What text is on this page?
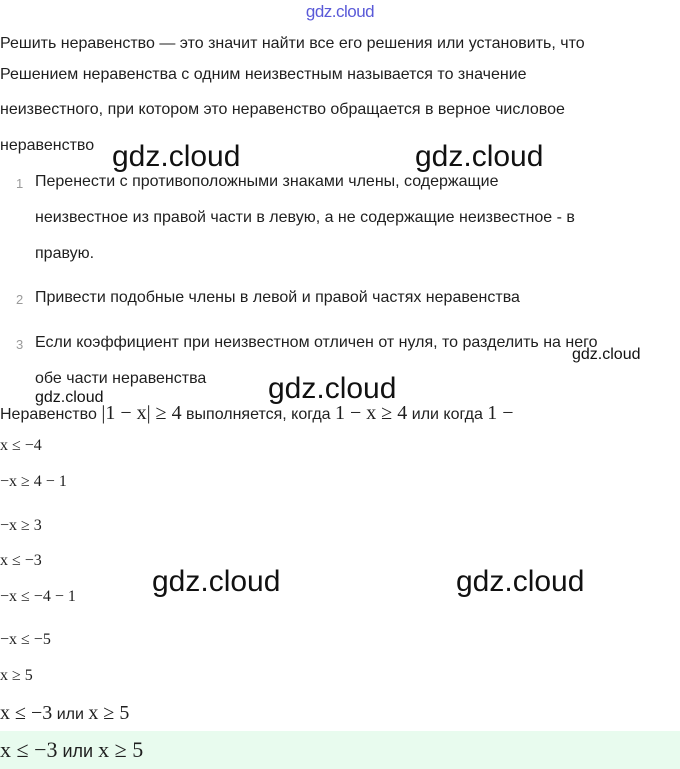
gdz.cloud
Решить неравенство — это значит найти все его решения или установить, что
Решением неравенства с одним неизвестным называется то значение
неизвестного, при котором это неравенство обращается в верное числовое
неравенство
1 Перенести с противоположными знаками члены, содержащие
неизвестное из правой части в левую, а не содержащие неизвестное - в
правую.
2 Привести подобные члены в левой и правой частях неравенства
3 Если коэффициент при неизвестном отличен от нуля, то разделить на него
обе части неравенства
Неравенство |1 − x| ≥ 4 выполняется, когда 1 − x ≥ 4 или когда 1 −
x ≤ −4
−x ≥ 4 − 1
−x ≥ 3
x ≤ −3
−x ≤ −4 − 1
−x ≤ −5
x ≥ 5
x ≤ −3 или x ≥ 5
x ≤ −3 или x ≥ 5
gdz.cloud	gdz.cloud
gdz.cloud
gdz.cloud	gdz.cloud
gdz.cloud
gdz.cloud
